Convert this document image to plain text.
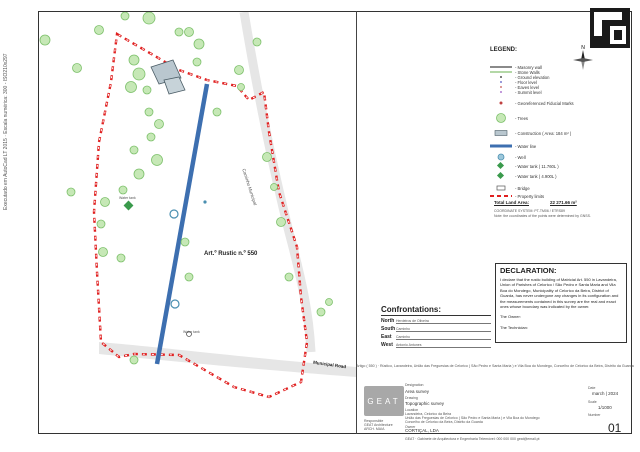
Executado em AutoCad LT 2015 · Escala numérica: 300 - ISO210x297
Art.º Rustic n.º 550
Caminho Municipal
Municipal Road
Water tank
Water tank
N
LEGEND:
- Masonry wall
- Stone Walls
- Ground elevation
- Floor level
- Eaves level
- Summit level
- Georeferenced Fiducial Marks
- Trees
- Construction ( Area: 184 m² )
- Water line
- Well
- Water tank ( 11.760L )
- Water tank ( 4.900L )
- Bridge
- Property limits
Total Land Area:	22 271.66 m²
COORDINATE SYSTEM: PT-TM06 / ETRS89
Note: the coordinates of the points were determined by GNSS.
DECLARATION:

I declare that the rustic building of Matricial Art. 550 in Lavandeira, Union of Parishes of Celorico / São Pedro e Santa Maria and Vila Boa do Mondego, Municipality of Celorico da Beira, District of Guarda, has never undergone any changes in its configuration and the measurements contained in this survey are the real and exact ones whose boundary was indicated by the owner.

The Owner:

The Technician:

Confrontations:
North Herdeiros de Oliveira
South Caminho
East	Caminho
West Antonio Antunes
Artigo ( 550 ) · Rústico, Lavandeira, União das Freguesias de Celorico ( São Pedro e Santa Maria ) e Vila Boa do Mondego, Concelho de Celorico da Beira, Distrito da Guarda
GEAT
Designation
Area survey
Drawing
Topographic survey
Location
Lavandeira, Celorico da Beira
União das Freguesias de Celorico ( São Pedro e Santa Maria ) e Vila Boa do Mondego
Concelho de Celorico da Beira, Distrito da Guarda
Owner
CORTIÇAL, LDA
Responsible
GEAT Architecture
ARCH. MAIA
Date
march | 2024
Scale
1/1000
Number
01
GEAT · Gabinete de Arquitectura e Engenharia Telemóvel: 000 000 000 geat@email.pt
